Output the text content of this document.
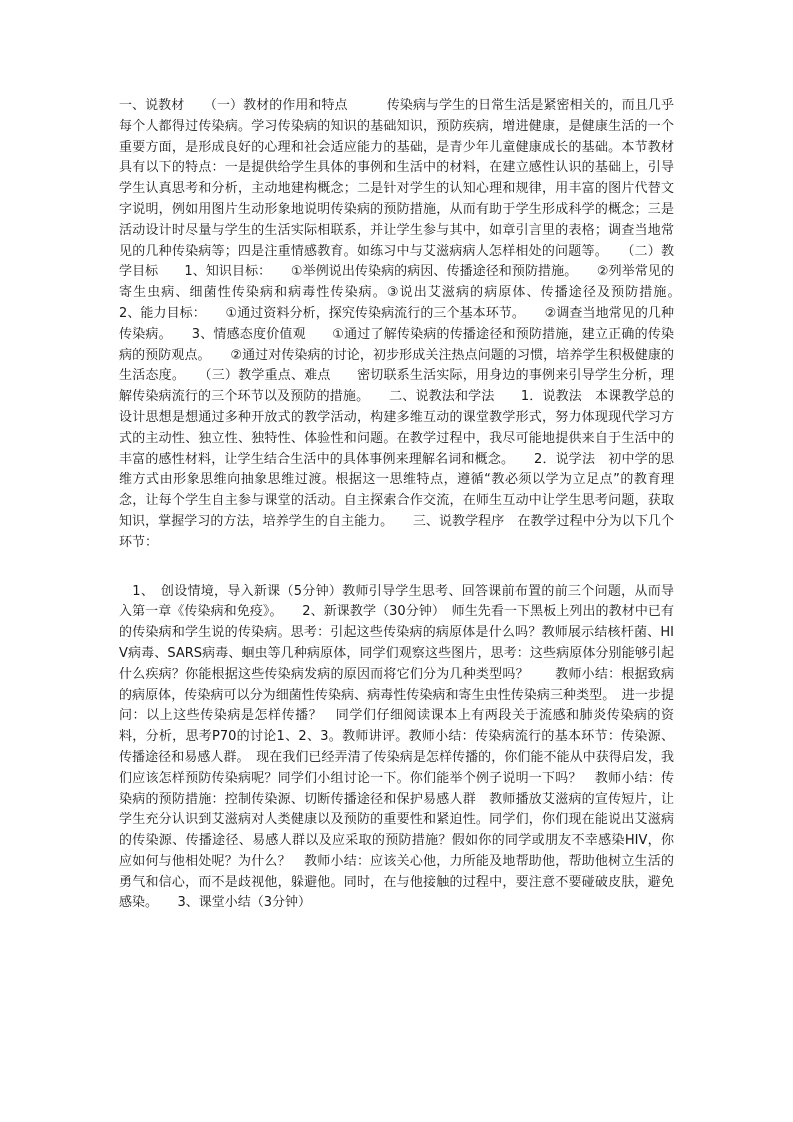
一、说教材　　（一）教材的作用和特点　　　传染病与学生的日常生活是紧密相关的，而且几乎每个人都得过传染病。学习传染病的知识的基础知识，预防疾病，增进健康，是健康生活的一个重要方面，是形成良好的心理和社会适应能力的基础，是青少年儿童健康成长的基础。本节教材具有以下的特点：一是提供给学生具体的事例和生活中的材料，在建立感性认识的基础上，引导学生认真思考和分析，主动地建构概念；二是针对学生的认知心理和规律，用丰富的图片代替文字说明，例如用图片生动形象地说明传染病的预防措施，从而有助于学生形成科学的概念；三是活动设计时尽量与学生的生活实际相联系，并让学生参与其中，如章引言里的表格；调查当地常见的几种传染病等；四是注重情感教育。如练习中与艾滋病病人怎样相处的问题等。　　（二）教学目标　　1、知识目标：　　①举例说出传染病的病因、传播途径和预防措施。　　②列举常见的寄生虫病、细菌性传染病和病毒性传染病。③说出艾滋病的病原体、传播途径及预防措施。　　2、能力目标：　　①通过资料分析，探究传染病流行的三个基本环节。　　②调查当地常见的几种传染病。　　3、情感态度价值观　　①通过了解传染病的传播途径和预防措施，建立正确的传染病的预防观点。　　②通过对传染病的讨论，初步形成关注热点问题的习惯，培养学生积极健康的生活态度。　　（三）教学重点、难点　　密切联系生活实际，用身边的事例来引导学生分析，理解传染病流行的三个环节以及预防的措施。　　二、说教法和学法　　1．说教法　本课教学总的设计思想是想通过多种开放式的教学活动，构建多维互动的课堂教学形式，努力体现现代学习方式的主动性、独立性、独特性、体验性和问题。在教学过程中，我尽可能地提供来自于生活中的丰富的感性材料，让学生结合生活中的具体事例来理解名词和概念。　　2．说学法　初中学的思维方式由形象思维向抽象思维过渡。根据这一思维特点，遵循“教必须以学为立足点”的教育理念，让每个学生自主参与课堂的活动。自主探索合作交流，在师生互动中让学生思考问题，获取知识，掌握学习的方法，培养学生的自主能力。　　三、说教学程序　在教学过程中分为以下几个环节：

　1、　创设情境，导入新课（5分钟）教师引导学生思考、回答课前布置的前三个问题，从而导入第一章《传染病和免疫》。　　2、新课教学（30分钟）　师生先看一下黑板上列出的教材中已有的传染病和学生说的传染病。思考：引起这些传染病的病原体是什么吗？教师展示结核杆菌、HIV病毒、SARS病毒、蛔虫等几种病原体，同学们观察这些图片，思考：这些病原体分别能够引起什么疾病？你能根据这些传染病发病的原因而将它们分为几种类型吗？　　教师小结：根据致病的病原体，传染病可以分为细菌性传染病、病毒性传染病和寄生虫性传染病三种类型。　进一步提问：以上这些传染病是怎样传播？　同学们仔细阅读课本上有两段关于流感和肺炎传染病的资料，分析，思考P70的讨论1、2、3。教师讲评。教师小结：传染病流行的基本环节：传染源、传播途径和易感人群。　现在我们已经弄清了传染病是怎样传播的，你们能不能从中获得启发，我们应该怎样预防传染病呢？同学们小组讨论一下。你们能举个例子说明一下吗？　教师小结：传染病的预防措施：控制传染源、切断传播途径和保护易感人群　教师播放艾滋病的宣传短片，让学生充分认识到艾滋病对人类健康以及预防的重要性和紧迫性。同学们，你们现在能说出艾滋病的传染源、传播途径、易感人群以及应采取的预防措施？假如你的同学或朋友不幸感染HIV，你应如何与他相处呢？为什么？　教师小结：应该关心他，力所能及地帮助他，帮助他树立生活的勇气和信心，而不是歧视他，躲避他。同时，在与他接触的过程中，要注意不要碰破皮肤，避免感染。　　3、课堂小结（3分钟）
